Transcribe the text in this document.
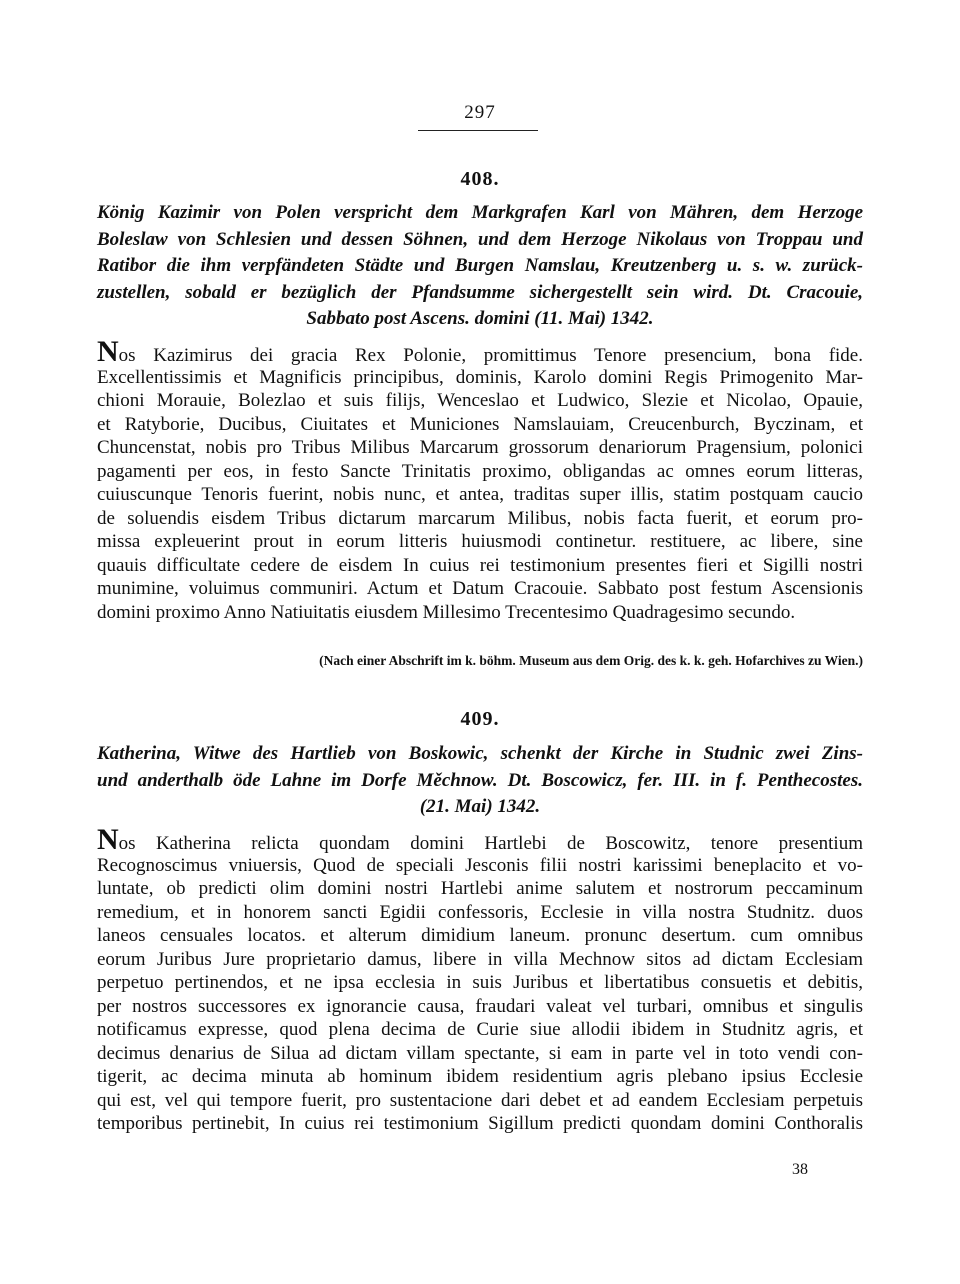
297
408.
König Kazimir von Polen verspricht dem Markgrafen Karl von Mähren, dem Herzoge
Boleslaw von Schlesien und dessen Söhnen, und dem Herzoge Nikolaus von Troppau und
Ratibor die ihm verpfändeten Städte und Burgen Namslau, Kreutzenberg u. s. w. zurück-
zustellen, sobald er bezüglich der Pfandsumme sichergestellt sein wird. Dt. Cracouie,
Sabbato post Ascens. domini (11. Mai) 1342.
Nos Kazimirus dei gracia Rex Polonie, promittimus Tenore presencium, bona fide.
Excellentissimis et Magnificis principibus, dominis, Karolo domini Regis Primogenito Mar-
chioni Morauie, Bolezlao et suis filijs, Wenceslao et Ludwico, Slezie et Nicolao, Opauie,
et Ratyborie, Ducibus, Ciuitates et Municiones Namslauiam, Creucenburch, Byczinam, et
Chuncenstat, nobis pro Tribus Milibus Marcarum grossorum denariorum Pragensium, polonici
pagamenti per eos, in festo Sancte Trinitatis proximo, obligandas ac omnes eorum litteras,
cuiuscunque Tenoris fuerint, nobis nunc, et antea, traditas super illis, statim postquam caucio
de soluendis eisdem Tribus dictarum marcarum Milibus, nobis facta fuerit, et eorum pro-
missa expleuerint prout in eorum litteris huiusmodi continetur. restituere, ac libere, sine
quauis difficultate cedere de eisdem In cuius rei testimonium presentes fieri et Sigilli nostri
munimine, voluimus communiri. Actum et Datum Cracouie. Sabbato post festum Ascensionis
domini proximo Anno Natiuitatis eiusdem Millesimo Trecentesimo Quadragesimo secundo.
(Nach einer Abschrift im k. böhm. Museum aus dem Orig. des k. k. geh. Hofarchives zu Wien.)
409.
Katherina, Witwe des Hartlieb von Boskowic, schenkt der Kirche in Studnic zwei Zins-
und anderthalb öde Lahne im Dorfe Měchnow. Dt. Boscowicz, fer. III. in f. Penthecostes.
(21. Mai) 1342.
Nos Katherina relicta quondam domini Hartlebi de Boscowitz, tenore presentium
Recognoscimus vniuersis, Quod de speciali Jesconis filii nostri karissimi beneplacito et vo-
luntate, ob predicti olim domini nostri Hartlebi anime salutem et nostrorum peccaminum
remedium, et in honorem sancti Egidii confessoris, Ecclesie in villa nostra Studnitz. duos
laneos censuales locatos. et alterum dimidium laneum. pronunc desertum. cum omnibus
eorum Juribus Jure proprietario damus, libere in villa Mechnow sitos ad dictam Ecclesiam
perpetuo pertinendos, et ne ipsa ecclesia in suis Juribus et libertatibus consuetis et debitis,
per nostros successores ex ignorancie causa, fraudari valeat vel turbari, omnibus et singulis
notificamus expresse, quod plena decima de Curie siue allodii ibidem in Studnitz agris, et
decimus denarius de Silua ad dictam villam spectante, si eam in parte vel in toto vendi con-
tigerit, ac decima minuta ab hominum ibidem residentium agris plebano ipsius Ecclesie
qui est, vel qui tempore fuerit, pro sustentacione dari debet et ad eandem Ecclesiam perpetuis
temporibus pertinebit, In cuius rei testimonium Sigillum predicti quondam domini Conthoralis
38
